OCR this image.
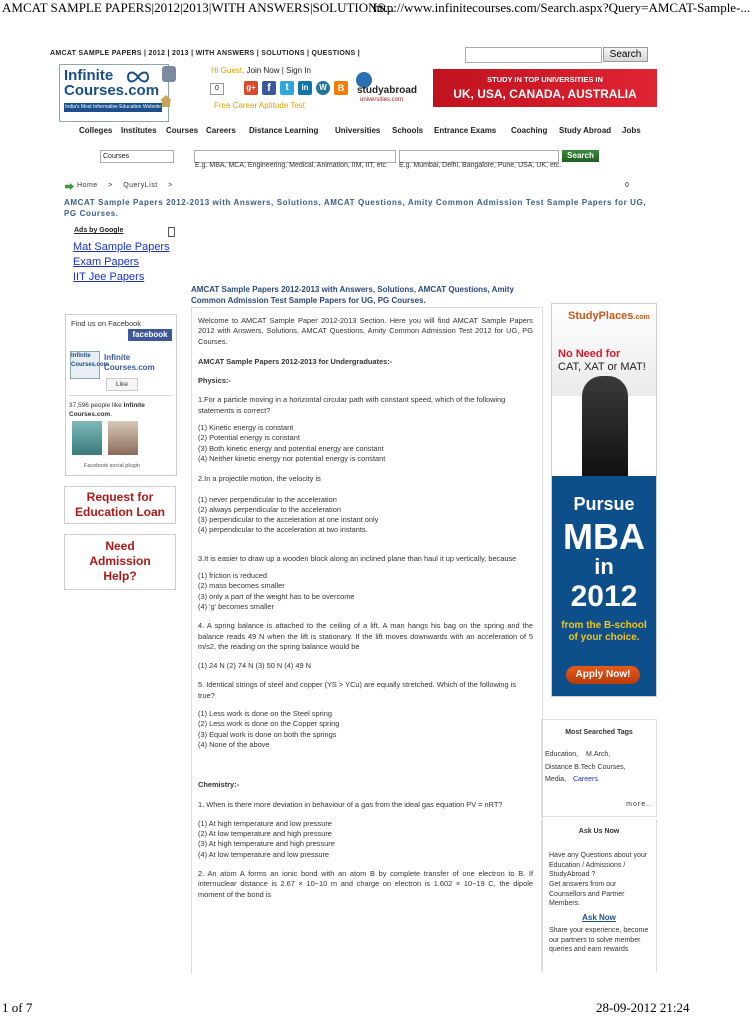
AMCAT SAMPLE PAPERS|2012|2013|WITH ANSWERS|SOLUTIONS...
http://www.infinitecourses.com/Search.aspx?Query=AMCAT-Sample-...
1 of 7	28-09-2012 21:24
AMCAT SAMPLE PAPERS | 2012 | 2013 | WITH ANSWERS | SOLUTIONS | QUESTIONS |	Search
Infinite
Courses.com
India's Most Informative Education Website
Hi Guest, Join Now | Sign In
0	g+	f	t	in	W	B
Free Career Aptitude Test
studyabroad
universities.com
STUDY IN TOP UNIVERSITIES IN
UK, USA, CANADA, AUSTRALIA
Colleges Institutes Courses Careers Distance Learning Universities Schools Entrance Exams Coaching Study Abroad Jobs
Courses	Search
E.g. MBA, MCA, Engineering, Medical, Animation, IIM, IIT, etc. E.g. Mumbai, Delhi, Bangalore, Pune, USA, UK, etc.
Home > QueryList >	0
AMCAT Sample Papers 2012-2013 with Answers, Solutions, AMCAT Questions, Amity Common Admission Test Sample Papers for UG, PG Courses.
Ads by Google
Mat Sample Papers
Exam Papers
IIT Jee Papers
Find us on Facebook
facebook
Infinite
Courses.com
Infinite
Courses.com
Like
37,596 people like Infinite Courses.com.
Facebook social plugin
Request for Education Loan
Need Admission Help?
AMCAT Sample Papers 2012-2013 with Answers, Solutions, AMCAT Questions, Amity Common Admission Test Sample Papers for UG, PG Courses.

Welcome to AMCAT Sample Paper 2012-2013 Section. Here you will find AMCAT Sample Papers 2012 with Answers, Solutions, AMCAT Questions, Amity Common Admission Test 2012 for UG, PG Courses.

AMCAT Sample Papers 2012-2013 for Undergraduates:-

Physics:-

1.For a particle moving in a horizontal circular path with constant speed, which of the following statements is correct?

(1) Kinetic energy is constant

(2) Potential energy is constant

(3) Both kinetic energy and potential energy are constant

(4) Neither kinetic energy nor potential energy is constant

2.In a projectile motion, the velocity is

(1) never perpendicular to the acceleration

(2) always perpendicular to the acceleration

(3) perpendicular to the acceleration at one instant only

(4) perpendicular to the acceleration at two instants.

3.It is easier to draw up a wooden block along an inclined plane than haul it up vertically, because

(1) friction is reduced

(2) mass becomes smaller

(3) only a part of the weight has to be overcome

(4) 'g' becomes smaller

4. A spring balance is attached to the ceiling of a lift. A man hangs his bag on the spring and the balance reads 49 N when the lift is stationary. If the lift moves downwards with an acceleration of 5 m/s2, the reading on the spring balance would be

(1) 24 N (2) 74 N (3) 50 N (4) 49 N

5. Identical strings of steel and copper (YS > YCu) are equally stretched. Which of the following is true?

(1) Less work is done on the Steel spring

(2) Less work is done on the Copper spring

(3) Equal work is done on both the springs

(4) None of the above

Chemistry:-

1. When is there more deviation in behaviour of a gas from the ideal gas equation PV = nRT?

(1) At high temperature and low pressure

(2) At low temperature and high pressure

(3) At high temperature and high pressure

(4) At low temperature and low pressure

2. An atom A forms an ionic bond with an atom B by complete transfer of one electron to B. If internuclear distance is 2.67 × 10−10 m and charge on electron is 1.602 × 10−19 C, the dipole moment of the bond is

StudyPlaces.com
No Need for
CAT, XAT or MAT!
Pursue
MBA
in
2012
from the B-school
of your choice.
Apply Now!
Most Searched Tags
Education, M.Arch,
Distance B.Tech Courses,
Media, Careers.
more..
Ask Us Now
Have any Questions about your Education / Admissions / StudyAbroad ?
Get answers from our Counsellors and Partner Members.
Ask Now
Share your experience, become our partners to solve member queries and earn rewards
